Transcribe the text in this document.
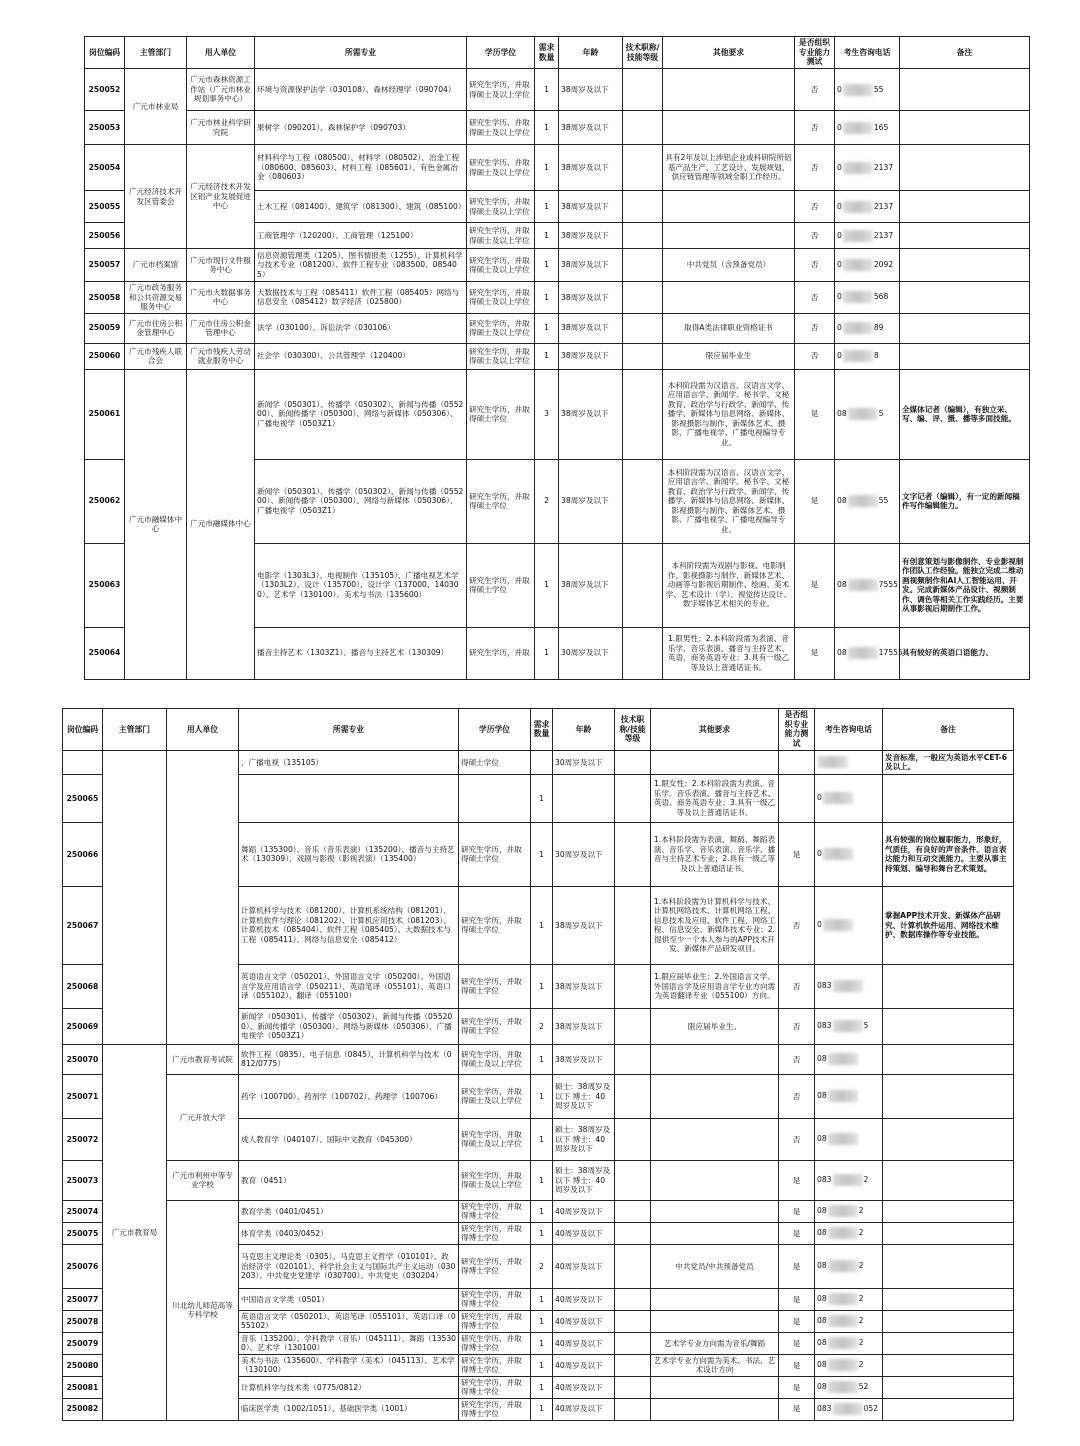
岗位编码	主管部门	用人单位	所需专业	学历学位	需求数量	年龄	技术职称/技能等级	其他要求	是否组织专业能力测试	考生咨询电话	备注
250052	广元市林业局	广元市森林资源工作站（广元市林业规划事务中心）	环境与资源保护法学（030108）、森林经理学（090704）	研究生学历，并取得硕士及以上学位	1	38周岁及以下			否	0 55	
250053		广元市林业科学研究院	果树学（090201）、森林保护学（090703）	研究生学历，并取得硕士及以上学位	1	38周岁及以下			否	0 165	
250054	广元经济技术开发区管委会	广元经济技术开发区铝产业发展促进中心	材料科学与工程（080500）、材料学（080502）、冶金工程（080600、085603）、材料工程（085601）、有色金属冶金（080603）	研究生学历，并取得硕士及以上学位	1	38周岁及以下		具有2年及以上涉铝企业或科研院所铝基产品生产、工艺设计、发展规划、供应链管理等领域全职工作经历。	否	0 2137	
250055			土木工程（081400）、建筑学（081300）、建筑（085100）	研究生学历，并取得硕士及以上学位	1	38周岁及以下			否	0 2137	
250056			工商管理学（120200）、工商管理（125100）	研究生学历，并取得硕士及以上学位	1	38周岁及以下			否	0 2137	
250057	广元市档案馆	广元市现行文件服务中心	信息资源管理类（1205）、图书情报类（1255）、计算机科学与技术专业（081200）、软件工程专业（083500、085405）	研究生学历，并取得硕士及以上学位	1	38周岁及以下		中共党员（含预备党员）	否	0 2092	
250058	广元市政务服务和公共资源交易服务中心	广元市大数据事务中心	大数据技术与工程（085411）软件工程（085405）网络与信息安全（085412）数字经济（025800）	研究生学历，并取得硕士及以上学位	1	38周岁及以下			否	0 568	
250059	广元市住房公积金管理中心	广元市住房公积金管理中心	法学（030100）、诉讼法学（030106）	研究生学历，并取得硕士及以上学位	1	38周岁及以下		取得A类法律职业资格证书	否	0 89	
250060	广元市残疾人联合会	广元市残疾人劳动就业服务中心	社会学（030300）、公共管理学（120400）	研究生学历，并取得硕士及以上学位	1	38周岁及以下		限应届毕业生	否	0 8	
250061	广元市融媒体中心	广元市融媒体中心	新闻学（050301）、传播学（050302）、新闻与传播（055200）、新闻传播学（050300）、网络与新媒体（050306）、广播电视学（0503Z1）	研究生学历，并取得硕士学位	3	38周岁及以下		本科阶段需为汉语言、汉语言文学、应用语言学、新闻学、秘书学、文秘教育、政治学与行政学、新闻学、传播学、新媒体与信息网络、新媒体、影视摄影与制作、新媒体艺术、摄影、广播电视学、广播电视编导专业。	是	08 5	全媒体记者（编辑），有独立采、写、编、评、摄、播等多面技能。
250062			新闻学（050301）、传播学（050302）、新闻与传播（055200）、新闻传播学（050300）、网络与新媒体（050306）、广播电视学（0503Z1）	研究生学历，并取得硕士学位	2	38周岁及以下		本科阶段需为汉语言、汉语言文学、应用语言学、新闻学、秘书学、文秘教育、政治学与行政学、新闻学、传播学、新媒体与信息网络、新媒体、影视摄影与制作、新媒体艺术、摄影、广播电视学、广播电视编导专业。	是	08 55	文字记者（编辑），有一定的新闻稿件写作编辑能力。
250063			电影学（1303L3）、电视制作（135105）、广播电视艺术学（1303L2）、设计（135700）、设计学（137000、140300）、艺术学（130100）、美术与书法（135600）	研究生学历，并取得硕士学位	1	38周岁及以下		本科阶段需为戏剧与影视、电影制作、影视摄影与制作、新媒体艺术、动画等与影视后期制作、绘画、美术学、艺术设计（学）、视觉传达设计、数字媒体艺术相关的专业。	是	08 7555	有创意策划与影像制作、专业影视制作团队工作经验。能独立完成二维动画视频制作和AI人工智能运用、开发。完成新媒体产品设计、视频制作、调色等相关工作实践经历。主要从事影视后期制作工作。
250064			播音主持艺术（1303Z1）、播音与主持艺术（130309）	研究生学历，并取	1	30周岁及以下		1.限男性；2.本科阶段需为表演、音乐学、音乐表演、播音与主持艺术、英语、商务英语专业；3.具有一级乙等及以上普通话证书。	是	08 17555	具有较好的英语口语能力、
岗位编码	主管部门	用人单位	所需专业	学历学位	需求数量	年龄	技术职称/技能等级	其他要求	是否组织专业能力测试	考生咨询电话	备注
			、广播电视（135105）	得硕士学位		30周岁及以下					发音标准，一般应为英语水平CET-6及以上。
250065					1			1.限女性；2.本科阶段需为表演、音乐学、音乐表演、播音与主持艺术、英语、商务英语专业；3.具有一级乙等及以上普通话证书。		0	
250066			舞蹈（135300）、音乐（音乐表演）（135200）、播音与主持艺术（130309）、戏剧与影视（影视表演）（135400）	研究生学历，并取得硕士学位	1	30周岁及以下		1.本科阶段需为表演、舞蹈、舞蹈表演、音乐学、音乐表演、音乐学、播音与主持艺术专业；2.具有一级乙等及以上普通话证书。	是	0	具有较强的岗位履职能力，形象好，气质佳，有良好的声音条件、语言表达能力和互动交流能力。主要从事主持策划、编导和舞台艺术策划。
250067			计算机科学与技术（081200）、计算机系统结构（081201）、计算机软件与理论（081202）、计算机应用技术（081203）、计算机技术（085404）、软件工程（085405）、大数据技术与工程（085411）、网络与信息安全（085412）	研究生学历，并取得硕士学位	1	38周岁及以下		1.本科阶段需为计算机科学与技术、计算机网络技术、计算机网络工程、信息技术及应用、软件工程、网络工程、信息安全、新媒体技术专业；2.提供至少一个本人参与的APP技术开发、新媒体产品研发项目。	否	0	掌握APP技术开发、新媒体产品研究、计算机软件运用、网络技术维护、数据库操作等专业技能。
250068			英语语言文学（050201）、外国语言文学（050200）、外国语言学及应用语言学（050211）、英语笔译（055101）、英语口译（055102）、翻译（055100）	研究生学历，并取得硕士学位	1	38周岁及以下		1.限应届毕业生；2.外国语言文学、外国语言学及应用语言学专业方向需为英语翻译专业（055100）方向。	否	083	
250069			新闻学（050301）、传播学（050302）、新闻与传播（055200）、新闻传播学（050300）、网络与新媒体（050306）、广播电视学（0503Z1）	研究生学历，并取得硕士学位	2	38周岁及以下		限应届毕业生。	否	083 5	
250070	广元市教育局	广元市教育考试院	软件工程（0835）、电子信息（0845）、计算机科学与技术（0812/0775）	研究生学历，并取得硕士及以上学位	1	38周岁及以下			否	08	
250071		广元开放大学	药学（100700）、药剂学（100702）、药理学（100706）	研究生学历，并取得硕士及以上学位	1	硕士：38周岁及以下 博士：40周岁及以下			否	08	
250072			成人教育学（040107）、国际中文教育（045300）	研究生学历，并取得硕士及以上学位	1	硕士：38周岁及以下 博士：40周岁及以下			否	08	
250073		广元市利州中等专业学校	教育（0451）	研究生学历，并取得硕士及以上学位	1	硕士：38周岁及以下 博士：40周岁及以下			是	083 2	
250074		川北幼儿师范高等专科学校	教育学类（0401/0451）	研究生学历，并取得博士学位	1	40周岁及以下			是	08 2	
250075			体育学类（0403/0452）	研究生学历，并取得博士学位	1	40周岁及以下			是	08 2	
250076			马克思主义理论类（0305）、马克思主义哲学（010101）、政治经济学（020101）、科学社会主义与国际共产主义运动（030203）、中共党史党建学（030700）、中共党史（030204）	研究生学历，并取得博士学位	2	40周岁及以下		中共党员/中共预备党员	是	08 2	
250077			中国语言文学类（0501）	研究生学历，并取得博士学位	1	40周岁及以下			是	08 2	
250078			英语语言文学（050201）、英语笔译（055101）、英语口译（055102）	研究生学历，并取得博士学位	1	40周岁及以下			是	08 2	
250079			音乐（135200）、学科教学（音乐）（045111）、舞蹈（135300）、艺术学（130100）	研究生学历，并取得博士学位	1	40周岁及以下		艺术学专业方向需为音乐/舞蹈	是	08 2	
250080			美术与书法（135600）、学科教学（美术）（045113）、艺术学（130100）	研究生学历，并取得博士学位	1	40周岁及以下		艺术学专业方向需为美术、书法、艺术设计方向	是	08 2	
250081			计算机科学与技术类（0775/0812）	研究生学历，并取得博士学位	1	40周岁及以下			是	08 52	
250082			临床医学类（1002/1051）、基础医学类（1001）	研究生学历，并取得博士学位	1	40周岁及以下			是	083 052	
